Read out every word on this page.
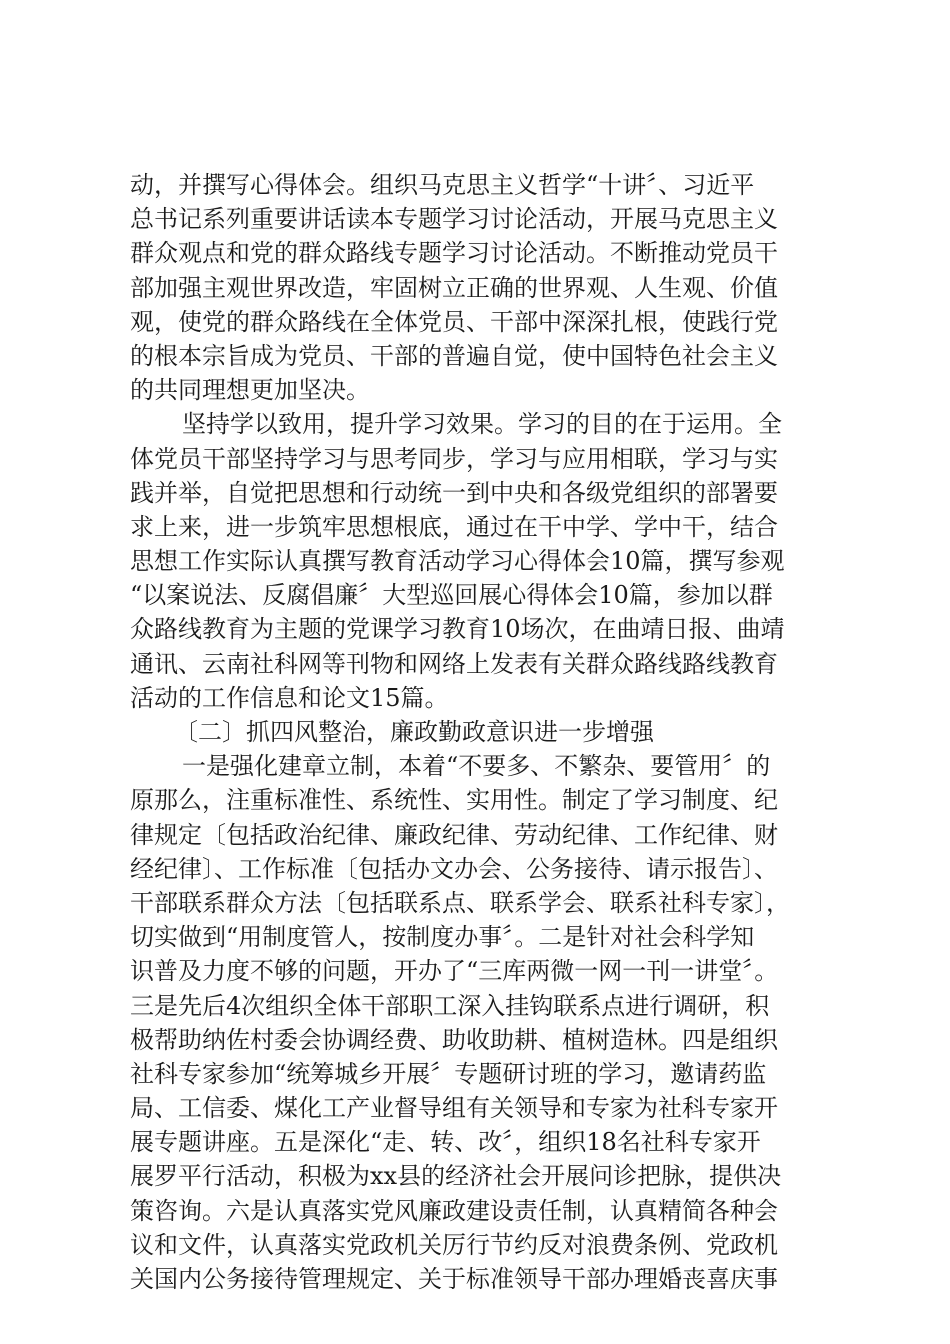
动，并撰写心得体会。组织马克思主义哲学“十讲〞、习近平
总书记系列重要讲话读本专题学习讨论活动，开展马克思主义
群众观点和党的群众路线专题学习讨论活动。不断推动党员干
部加强主观世界改造，牢固树立正确的世界观、人生观、价值
观，使党的群众路线在全体党员、干部中深深扎根，使践行党
的根本宗旨成为党员、干部的普遍自觉，使中国特色社会主义
的共同理想更加坚决。
坚持学以致用，提升学习效果。学习的目的在于运用。全
体党员干部坚持学习与思考同步，学习与应用相联，学习与实
践并举，自觉把思想和行动统一到中央和各级党组织的部署要
求上来，进一步筑牢思想根底，通过在干中学、学中干，结合
思想工作实际认真撰写教育活动学习心得体会10篇，撰写参观
“以案说法、反腐倡廉〞大型巡回展心得体会10篇，参加以群
众路线教育为主题的党课学习教育10场次，在曲靖日报、曲靖
通讯、云南社科网等刊物和网络上发表有关群众路线路线教育
活动的工作信息和论文15篇。
〔二〕抓四风整治，廉政勤政意识进一步增强
一是强化建章立制，本着“不要多、不繁杂、要管用〞的
原那么，注重标准性、系统性、实用性。制定了学习制度、纪
律规定〔包括政治纪律、廉政纪律、劳动纪律、工作纪律、财
经纪律〕、工作标准〔包括办文办会、公务接待、请示报告〕、
干部联系群众方法〔包括联系点、联系学会、联系社科专家〕，
切实做到“用制度管人，按制度办事〞。二是针对社会科学知
识普及力度不够的问题，开办了“三库两微一网一刊一讲堂〞。
三是先后4次组织全体干部职工深入挂钩联系点进行调研，积
极帮助纳佐村委会协调经费、助收助耕、植树造林。四是组织
社科专家参加“统筹城乡开展〞专题研讨班的学习，邀请药监
局、工信委、煤化工产业督导组有关领导和专家为社科专家开
展专题讲座。五是深化“走、转、改〞，组织18名社科专家开
展罗平行活动，积极为xx县的经济社会开展问诊把脉，提供决
策咨询。六是认真落实党风廉政建设责任制，认真精简各种会
议和文件，认真落实党政机关厉行节约反对浪费条例、党政机
关国内公务接待管理规定、关于标准领导干部办理婚丧喜庆事
